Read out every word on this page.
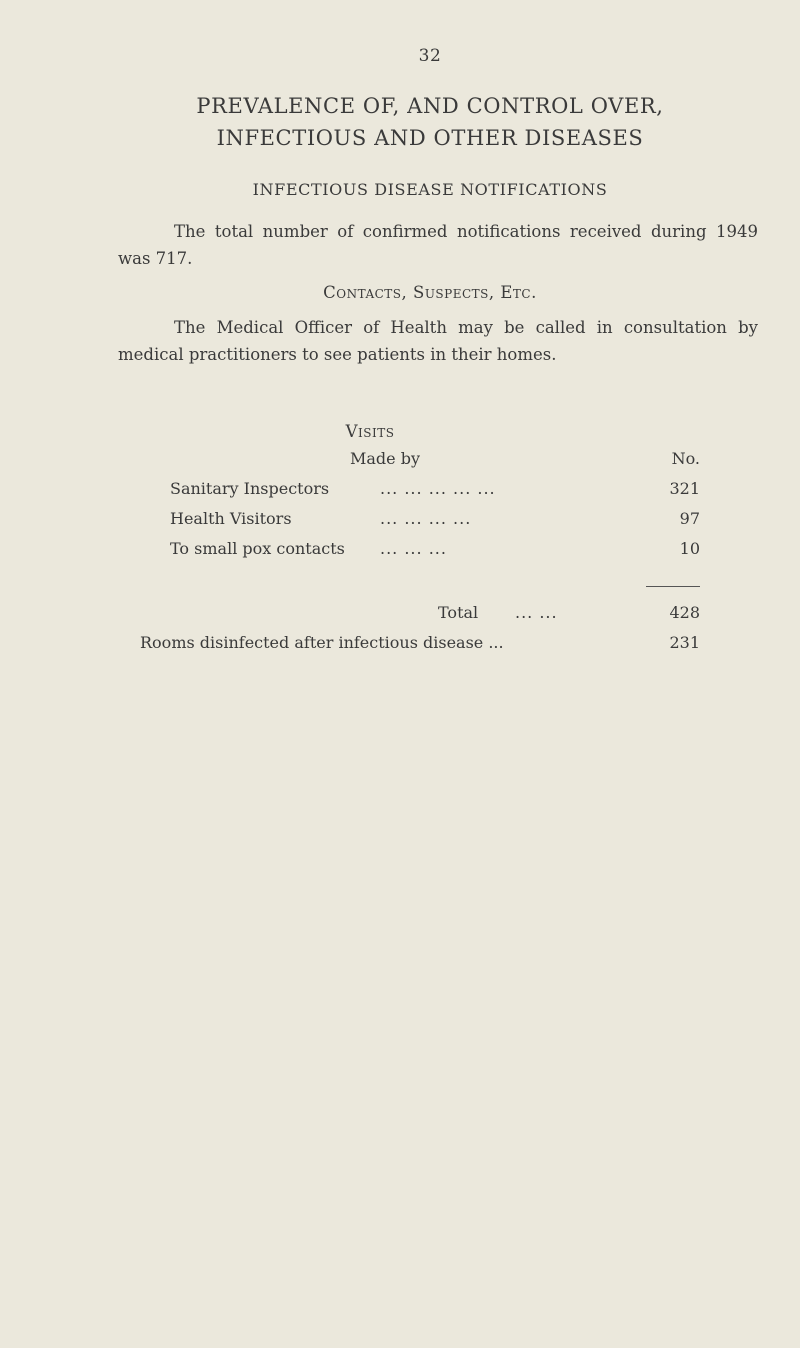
32
PREVALENCE OF, AND CONTROL OVER,
INFECTIOUS AND OTHER DISEASES
INFECTIOUS DISEASE NOTIFICATIONS
The total number of confirmed notifications received during 1949 was 717.
Contacts, Suspects, Etc.
The Medical Officer of Health may be called in consultation by medical practitioners to see patients in their homes.
Visits
Made by	No.
Sanitary Inspectors	... ... ... ... ...	321
Health Visitors	... ... ... ...	97
To small pox contacts ... ... ...	10
Total ... ...	428
Rooms disinfected after infectious disease ...	231
